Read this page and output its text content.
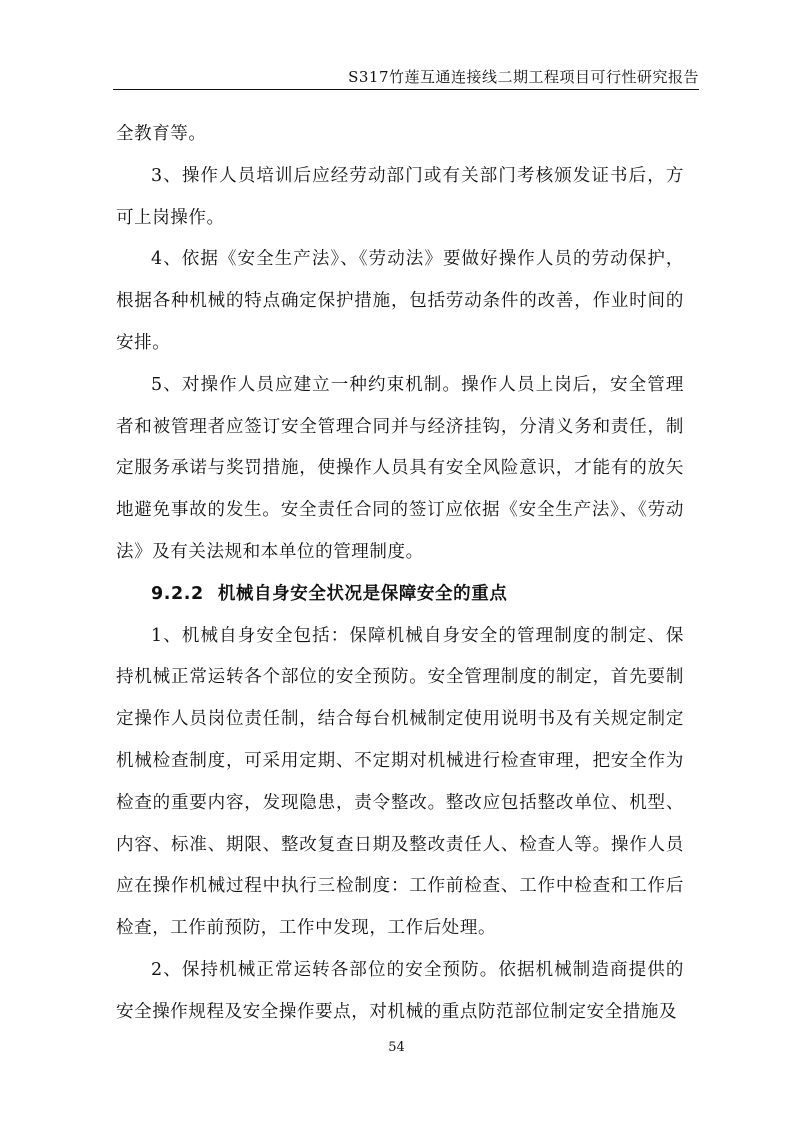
S317竹莲互通连接线二期工程项目可行性研究报告

全教育等。

3、操作人员培训后应经劳动部门或有关部门考核颁发证书后，方可上岗操作。

4、依据《安全生产法》、《劳动法》要做好操作人员的劳动保护，根据各种机械的特点确定保护措施，包括劳动条件的改善，作业时间的安排。

5、对操作人员应建立一种约束机制。操作人员上岗后，安全管理者和被管理者应签订安全管理合同并与经济挂钩，分清义务和责任，制定服务承诺与奖罚措施，使操作人员具有安全风险意识，才能有的放矢地避免事故的发生。安全责任合同的签订应依据《安全生产法》、《劳动法》及有关法规和本单位的管理制度。

9.2.2 机械自身安全状况是保障安全的重点

1、机械自身安全包括：保障机械自身安全的管理制度的制定、保持机械正常运转各个部位的安全预防。安全管理制度的制定，首先要制定操作人员岗位责任制，结合每台机械制定使用说明书及有关规定制定机械检查制度，可采用定期、不定期对机械进行检查审理，把安全作为检查的重要内容，发现隐患，责令整改。整改应包括整改单位、机型、内容、标准、期限、整改复查日期及整改责任人、检查人等。操作人员应在操作机械过程中执行三检制度：工作前检查、工作中检查和工作后检查，工作前预防，工作中发现，工作后处理。

2、保持机械正常运转各部位的安全预防。依据机械制造商提供的安全操作规程及安全操作要点，对机械的重点防范部位制定安全措施及

54
